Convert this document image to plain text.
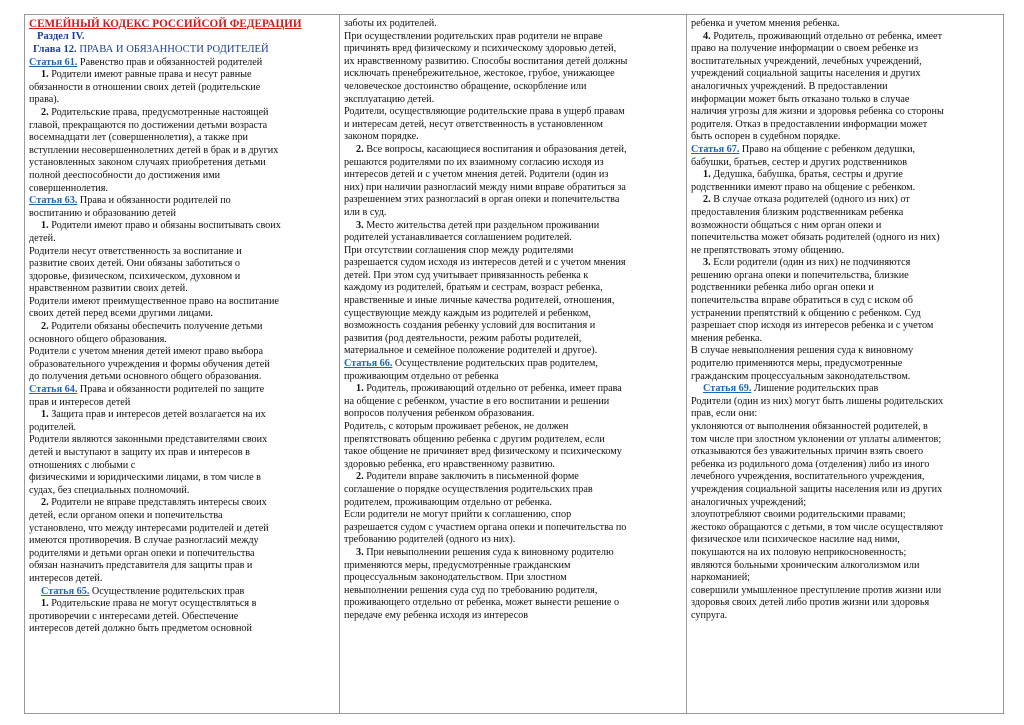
СЕМЕЙНЫЙ КОДЕКС РОССИЙСОЙ ФЕДЕРАЦИИ

Раздел IV.

Глава 12. ПРАВА И ОБЯЗАННОСТИ РОДИТЕЛЕЙ

Статья 61. Равенство прав и обязанностей родителей

1. Родители имеют равные права и несут равные

обязанности в отношении своих детей (родительские

права).

2. Родительские права, предусмотренные настоящей

главой, прекращаются по достижении детьми возраста

восемнадцати лет (совершеннолетия), а также при

вступлении несовершеннолетних детей в брак и в других

установленных законом случаях приобретения детьми

полной дееспособности до достижения ими

совершеннолетия.

Статья 63. Права и обязанности родителей по

воспитанию и образованию детей

1. Родители имеют право и обязаны воспитывать своих

детей.

Родители несут ответственность за воспитание и

развитие своих детей. Они обязаны заботиться о

здоровье, физическом, психическом, духовном и

нравственном развитии своих детей.

Родители имеют преимущественное право на воспитание

своих детей перед всеми другими лицами.

2. Родители обязаны обеспечить получение детьми

основного общего образования.

Родители с учетом мнения детей имеют право выбора

образовательного учреждения и формы обучения детей

до получения детьми основного общего образования.

Статья 64. Права и обязанности родителей по защите

прав и интересов детей

1. Защита прав и интересов детей возлагается на их

родителей.

Родители являются законными представителями своих

детей и выступают в защиту их прав и интересов в

отношениях с любыми с

физическими и юридическими лицами, в том числе в

судах, без специальных полномочий.

2. Родители не вправе представлять интересы своих

детей, если органом опеки и попечительства

установлено, что между интересами родителей и детей

имеются противоречия. В случае разногласий между

родителями и детьми орган опеки и попечительства

обязан назначить представителя для защиты прав и

интересов детей.

Статья 65. Осуществление родительских прав

1. Родительские права не могут осуществляться в

противоречии с интересами детей. Обеспечение

интересов детей должно быть предметом основной

заботы их родителей.

При осуществлении родительских прав родители не вправе

причинять вред физическому и психическому здоровью детей,

их нравственному развитию. Способы воспитания детей должны

исключать пренебрежительное, жестокое, грубое, унижающее

человеческое достоинство обращение, оскорбление или

эксплуатацию детей.

Родители, осуществляющие родительские права в ущерб правам

и интересам детей, несут ответственность в установленном

законом порядке.

2. Все вопросы, касающиеся воспитания и образования детей,

решаются родителями по их взаимному согласию исходя из

интересов детей и с учетом мнения детей. Родители (один из

них) при наличии разногласий между ними вправе обратиться за

разрешением этих разногласий в орган опеки и попечительства

или в суд.

3. Место жительства детей при раздельном проживании

родителей устанавливается соглашением родителей.

При отсутствии соглашения спор между родителями

разрешается судом исходя из интересов детей и с учетом мнения

детей. При этом суд учитывает привязанность ребенка к

каждому из родителей, братьям и сестрам, возраст ребенка,

нравственные и иные личные качества родителей, отношения,

существующие между каждым из родителей и ребенком,

возможность создания ребенку условий для воспитания и

развития (род деятельности, режим работы родителей,

материальное и семейное положение родителей и другое).

Статья 66. Осуществление родительских прав родителем,

проживающим отдельно от ребенка

1. Родитель, проживающий отдельно от ребенка, имеет права

на общение с ребенком, участие в его воспитании и решении

вопросов получения ребенком образования.

Родитель, с которым проживает ребенок, не должен

препятствовать общению ребенка с другим родителем, если

такое общение не причиняет вред физическому и психическому

здоровью ребенка, его нравственному развитию.

2. Родители вправе заключить в письменной форме

соглашение о порядке осуществления родительских прав

родителем, проживающим отдельно от ребенка.

Если родители не могут прийти к соглашению, спор

разрешается судом с участием органа опеки и попечительства по

требованию родителей (одного из них).

3. При невыполнении решения суда к виновному родителю

применяются меры, предусмотренные гражданским

процессуальным законодательством. При злостном

невыполнении решения суда суд по требованию родителя,

проживающего отдельно от ребенка, может вынести решение о

передаче ему ребенка исходя из интересов

ребенка и учетом мнения ребенка.

4. Родитель, проживающий отдельно от ребенка, имеет

право на получение информации о своем ребенке из

воспитательных учреждений, лечебных учреждений,

учреждений социальной защиты населения и других

аналогичных учреждений. В предоставлении

информации может быть отказано только в случае

наличия угрозы для жизни и здоровья ребенка со стороны

родителя. Отказ в предоставлении информации может

быть оспорен в судебном порядке.

Статья 67. Право на общение с ребенком дедушки,

бабушки, братьев, сестер и других родственников

1. Дедушка, бабушка, братья, сестры и другие

родственники имеют право на общение с ребенком.

2. В случае отказа родителей (одного из них) от

предоставления близким родственникам ребенка

возможности общаться с ним орган опеки и

попечительства может обязать родителей (одного из них)

не препятствовать этому общению.

3. Если родители (один из них) не подчиняются

решению органа опеки и попечительства, близкие

родственники ребенка либо орган опеки и

попечительства вправе обратиться в суд с иском об

устранении препятствий к общению с ребенком. Суд

разрешает спор исходя из интересов ребенка и с учетом

мнения ребенка.

В случае невыполнения решения суда к виновному

родителю применяются меры, предусмотренные

гражданским процессуальным законодательством.

Статья 69. Лишение родительских прав

Родители (один из них) могут быть лишены родительских

прав, если они:

уклоняются от выполнения обязанностей родителей, в

том числе при злостном уклонении от уплаты алиментов;

отказываются без уважительных причин взять своего

ребенка из родильного дома (отделения) либо из иного

лечебного учреждения, воспитательного учреждения,

учреждения социальной защиты населения или из других

аналогичных учреждений;

злоупотребляют своими родительскими правами;

жестоко обращаются с детьми, в том числе осуществляют

физическое или психическое насилие над ними,

покушаются на их половую неприкосновенность;

являются больными хроническим алкоголизмом или

наркоманией;

совершили умышленное преступление против жизни или

здоровья своих детей либо против жизни или здоровья

супруга.
